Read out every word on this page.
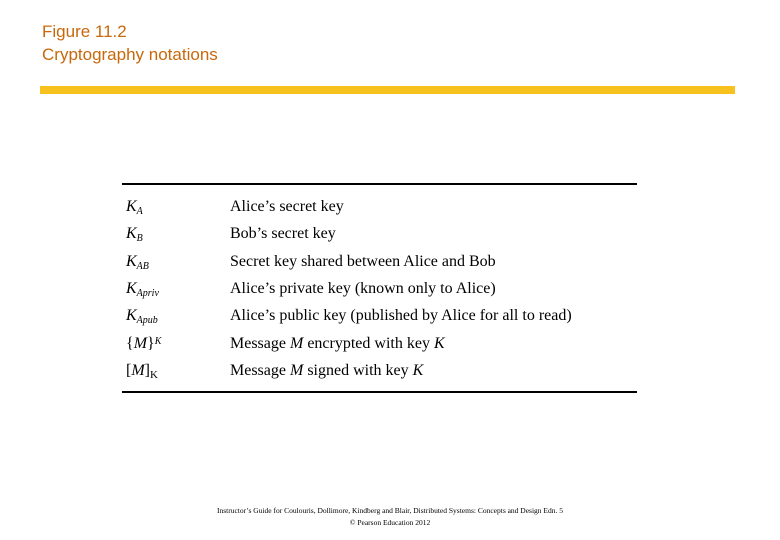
Figure 11.2
Cryptography notations
$K_A$	Alice’s secret key
$K_B$	Bob’s secret key
$K_{AB}$	Secret key shared between Alice and Bob
$K_{Apriv}$	Alice’s private key (known only to Alice)
$K_{Apub}$	Alice’s public key (published by Alice for all to read)
$\{M\}^K$	Message M encrypted with key K
[M]K	Message M signed with key K
Instructor’s Guide for Coulouris, Dollimore, Kindberg and Blair, Distributed Systems: Concepts and Design Edn. 5
© Pearson Education 2012
